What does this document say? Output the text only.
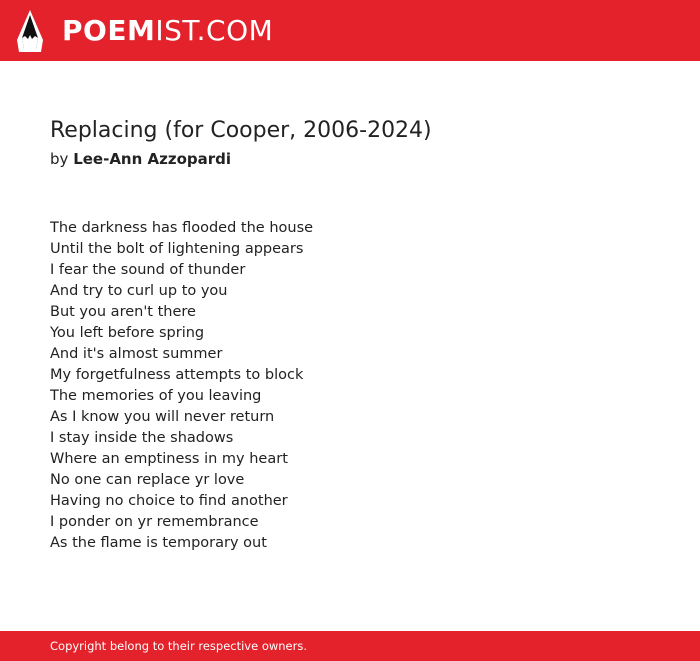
POEMIST.COM
Replacing (for Cooper, 2006-2024)
by Lee-Ann Azzopardi
The darkness has flooded the house
Until the bolt of lightening appears
I fear the sound of thunder
And try to curl up to you
But you aren't there
You left before spring
And it's almost summer
My forgetfulness attempts to block
The memories of you leaving
As I know you will never return
I stay inside the shadows
Where an emptiness in my heart
No one can replace yr love
Having no choice to find another
I ponder on yr remembrance
As the flame is temporary out
Copyright belong to their respective owners.
